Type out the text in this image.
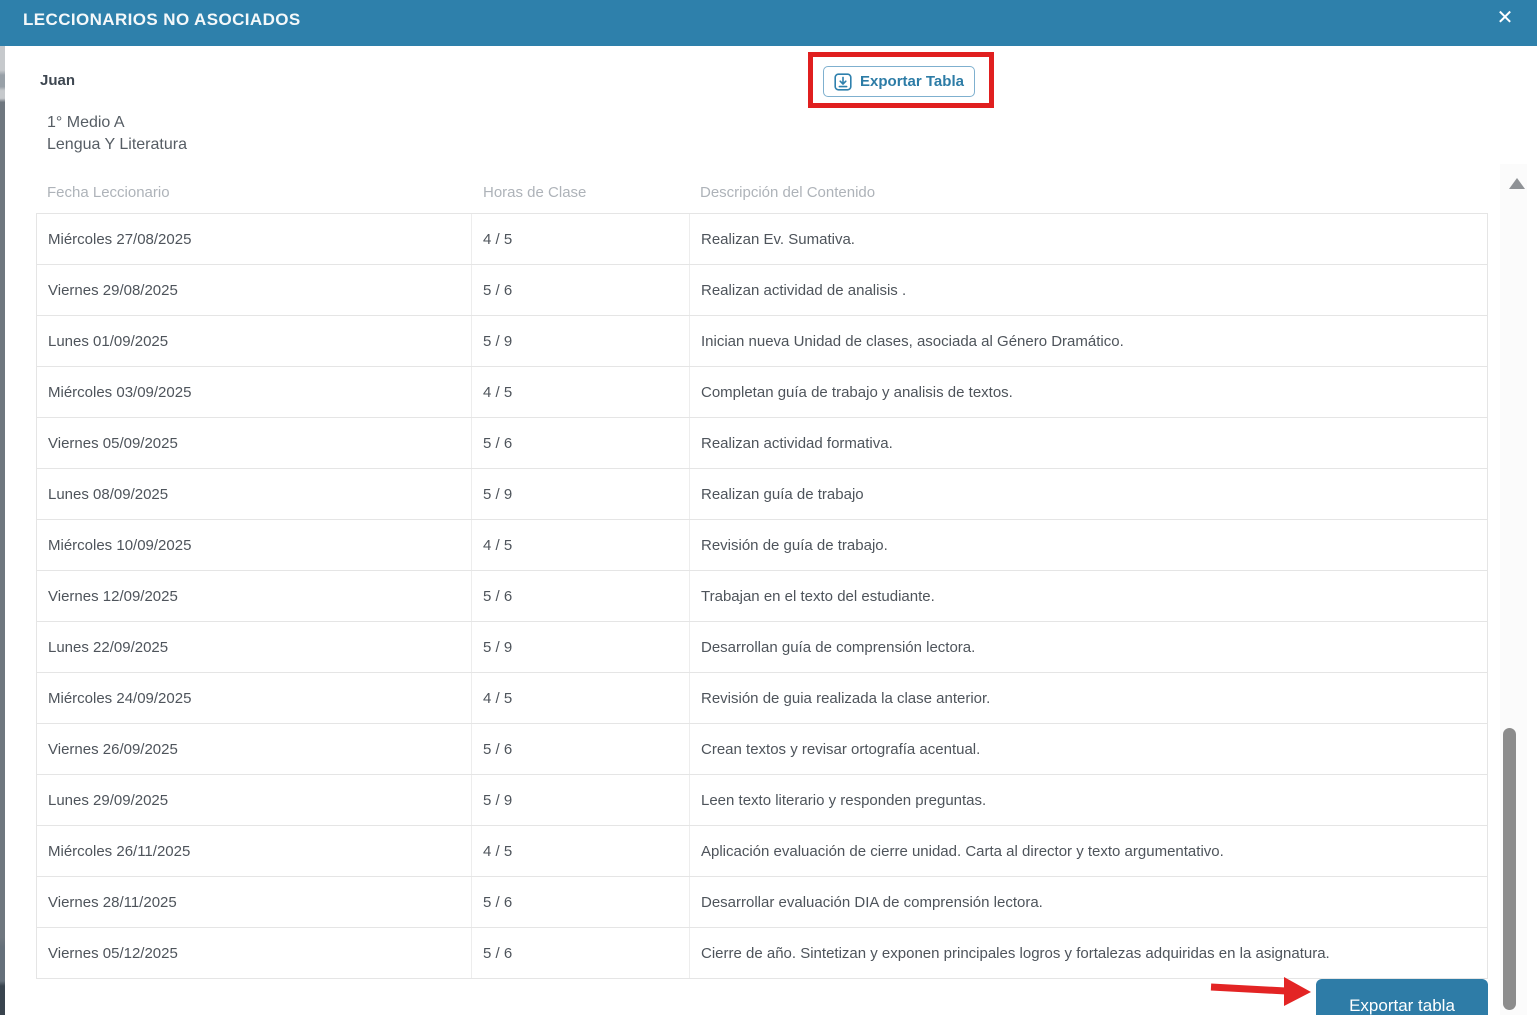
LECCIONARIOS NO ASOCIADOS	✕
Juan
1° Medio A
Lengua Y Literatura
Exportar Tabla
Fecha Leccionario	Horas de Clase	Descripción del Contenido
Miércoles 27/08/2025	4 / 5	Realizan Ev. Sumativa.
Viernes 29/08/2025	5 / 6	Realizan actividad de analisis .
Lunes 01/09/2025	5 / 9	Inician nueva Unidad de clases, asociada al Género Dramático.
Miércoles 03/09/2025	4 / 5	Completan guía de trabajo y analisis de textos.
Viernes 05/09/2025	5 / 6	Realizan actividad formativa.
Lunes 08/09/2025	5 / 9	Realizan guía de trabajo
Miércoles 10/09/2025	4 / 5	Revisión de guía de trabajo.
Viernes 12/09/2025	5 / 6	Trabajan en el texto del estudiante.
Lunes 22/09/2025	5 / 9	Desarrollan guía de comprensión lectora.
Miércoles 24/09/2025	4 / 5	Revisión de guia realizada la clase anterior.
Viernes 26/09/2025	5 / 6	Crean textos y revisar ortografía acentual.
Lunes 29/09/2025	5 / 9	Leen texto literario y responden preguntas.
Miércoles 26/11/2025	4 / 5	Aplicación evaluación de cierre unidad. Carta al director y texto argumentativo.
Viernes 28/11/2025	5 / 6	Desarrollar evaluación DIA de comprensión lectora.
Viernes 05/12/2025	5 / 6	Cierre de año. Sintetizan y exponen principales logros y fortalezas adquiridas en la asignatura.
Exportar tabla
